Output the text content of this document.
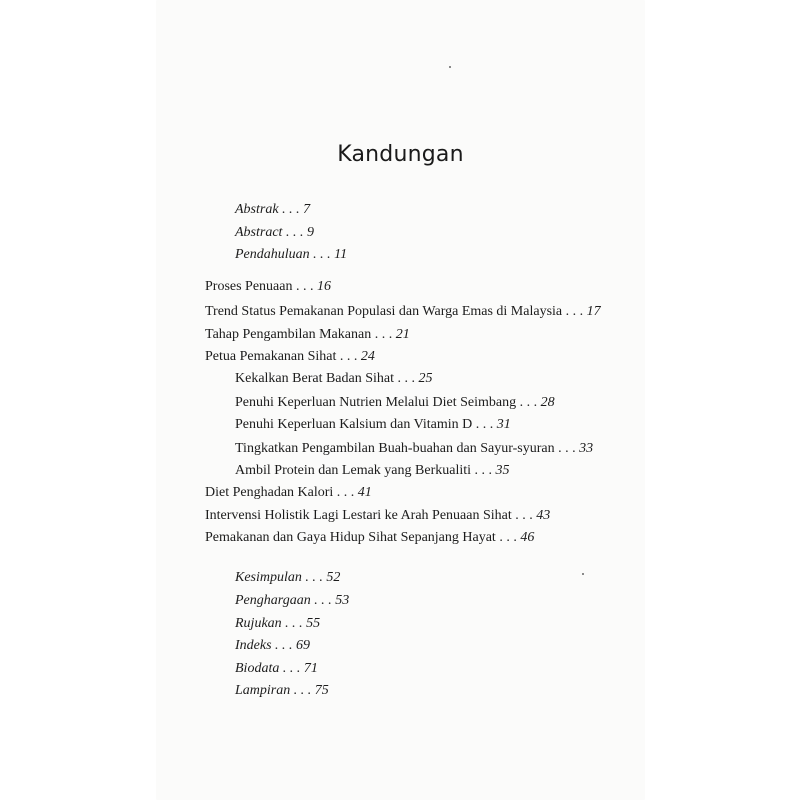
Kandungan
Abstrak . . . 7
Abstract . . . 9
Pendahuluan . . . 11
Proses Penuaan . . . 16
Trend Status Pemakanan Populasi dan Warga Emas di Malaysia . . . 17
Tahap Pengambilan Makanan . . . 21
Petua Pemakanan Sihat . . . 24
Kekalkan Berat Badan Sihat . . . 25
Penuhi Keperluan Nutrien Melalui Diet Seimbang . . . 28
Penuhi Keperluan Kalsium dan Vitamin D . . . 31
Tingkatkan Pengambilan Buah-buahan dan Sayur-syuran . . . 33
Ambil Protein dan Lemak yang Berkualiti . . . 35
Diet Penghadan Kalori . . . 41
Intervensi Holistik Lagi Lestari ke Arah Penuaan Sihat . . . 43
Pemakanan dan Gaya Hidup Sihat Sepanjang Hayat . . . 46
Kesimpulan . . . 52
Penghargaan . . . 53
Rujukan . . . 55
Indeks . . . 69
Biodata . . . 71
Lampiran . . . 75
